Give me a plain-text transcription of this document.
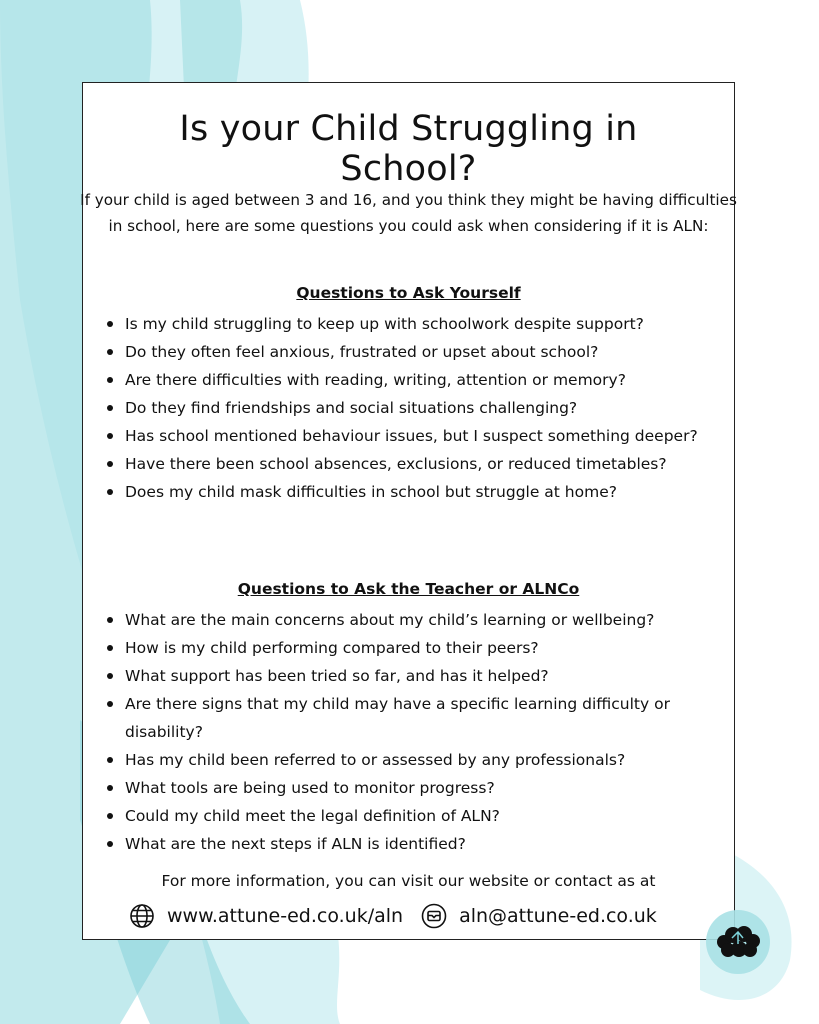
Is your Child Struggling in School?

If your child is aged between 3 and 16, and you think they might be having difficulties in school, here are some questions you could ask when considering if it is ALN:

Questions to Ask Yourself

Is my child struggling to keep up with schoolwork despite support?
Do they often feel anxious, frustrated or upset about school?
Are there difficulties with reading, writing, attention or memory?
Do they find friendships and social situations challenging?
Has school mentioned behaviour issues, but I suspect something deeper?
Have there been school absences, exclusions, or reduced timetables?
Does my child mask difficulties in school but struggle at home?

Questions to Ask the Teacher or ALNCo

What are the main concerns about my child’s learning or wellbeing?
How is my child performing compared to their peers?
What support has been tried so far, and has it helped?
Are there signs that my child may have a specific learning difficulty or disability?
Has my child been referred to or assessed by any professionals?
What tools are being used to monitor progress?
Could my child meet the legal definition of ALN?
What are the next steps if ALN is identified?

For more information, you can visit our website or contact as at

www.attune-ed.co.uk/aln	aln@attune-ed.co.uk
